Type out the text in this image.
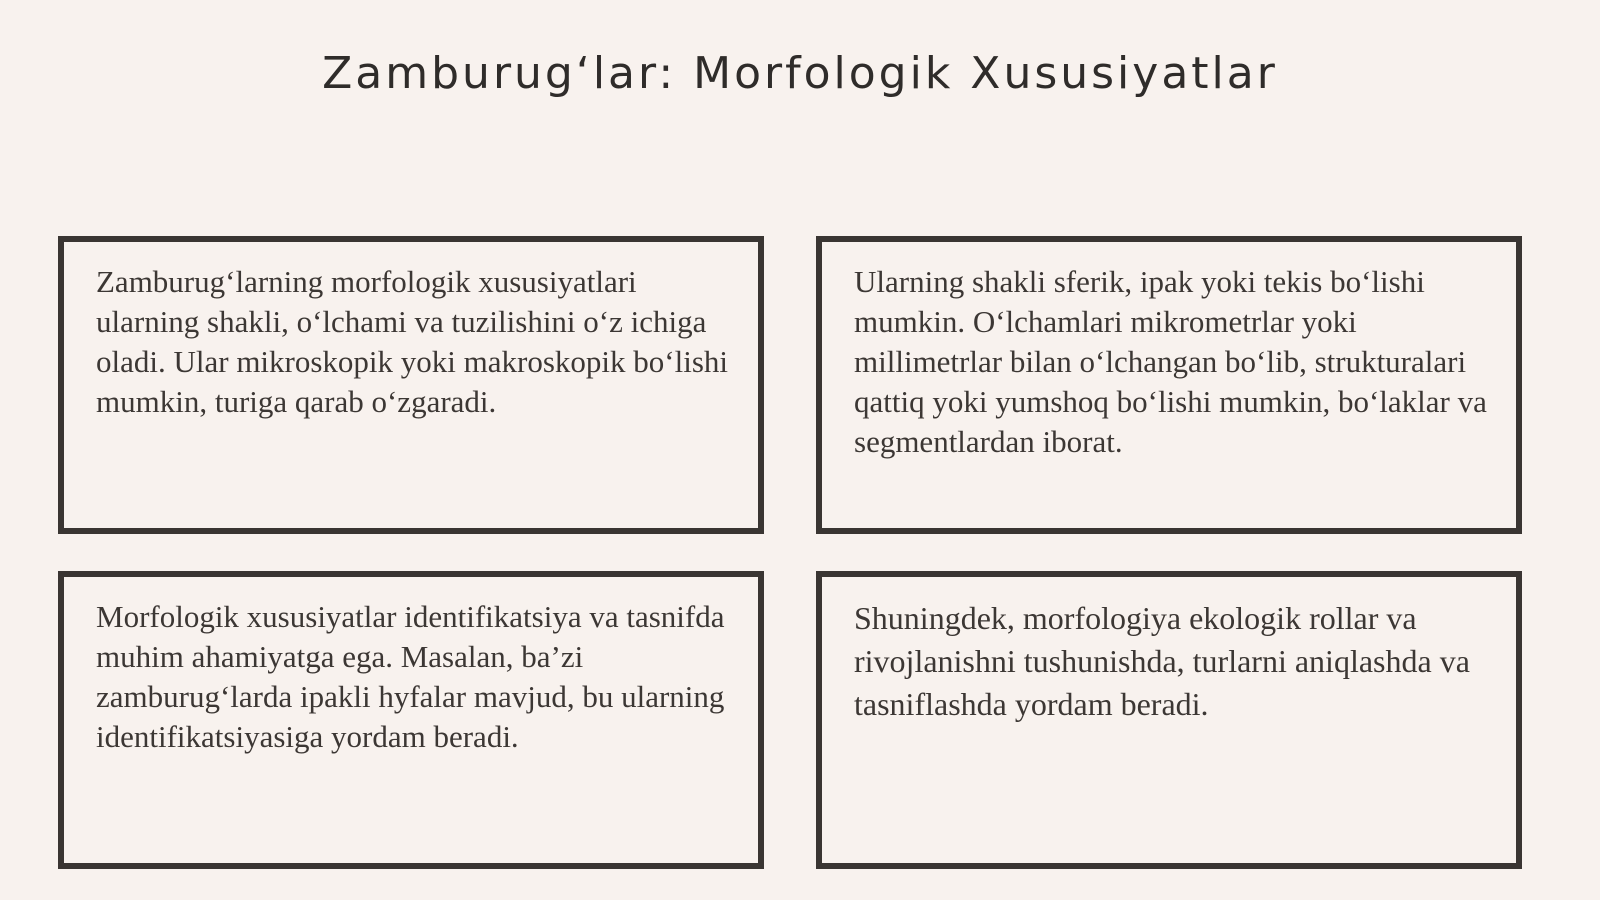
Zamburug‘lar: Morfologik Xususiyatlar

Zamburug‘larning morfologik xususiyatlari ularning shakli, o‘lchami va tuzilishini o‘z ichiga oladi. Ular mikroskopik yoki makroskopik bo‘lishi mumkin, turiga qarab o‘zgaradi.

Ularning shakli sferik, ipak yoki tekis bo‘lishi mumkin. O‘lchamlari mikrometrlar yoki millimetrlar bilan o‘lchangan bo‘lib, strukturalari qattiq yoki yumshoq bo‘lishi mumkin, bo‘laklar va segmentlardan iborat.

Morfologik xususiyatlar identifikatsiya va tasnifda muhim ahamiyatga ega. Masalan, ba’zi zamburug‘larda ipakli hyfalar mavjud, bu ularning identifikatsiyasiga yordam beradi.

Shuningdek, morfologiya ekologik rollar va rivojlanishni tushunishda, turlarni aniqlashda va tasniflashda yordam beradi.
